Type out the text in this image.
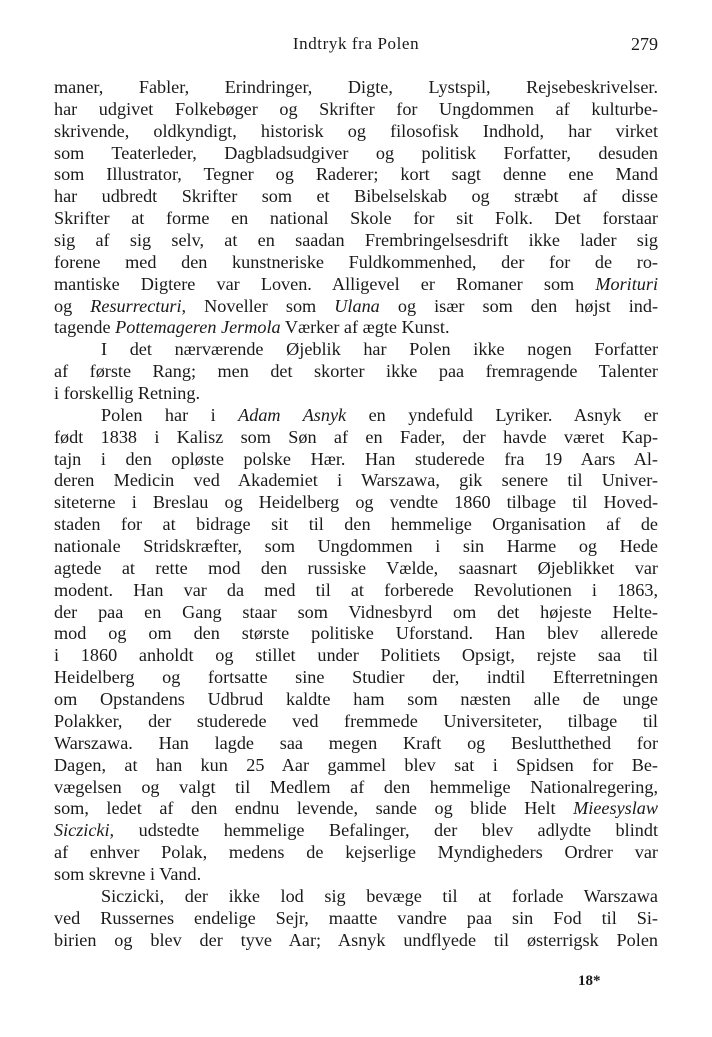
Indtryk fra Polen	279
maner, Fabler, Erindringer, Digte, Lystspil, Rejsebeskrivelser.
har udgivet Folkebøger og Skrifter for Ungdommen af kulturbe-
skrivende, oldkyndigt, historisk og filosofisk Indhold, har virket
som Teaterleder, Dagbladsudgiver og politisk Forfatter, desuden
som Illustrator, Tegner og Raderer; kort sagt denne ene Mand
har udbredt Skrifter som et Bibelselskab og stræbt af disse
Skrifter at forme en national Skole for sit Folk. Det forstaar
sig af sig selv, at en saadan Frembringelsesdrift ikke lader sig
forene med den kunstneriske Fuldkommenhed, der for de ro-
mantiske Digtere var Loven. Alligevel er Romaner som Morituri
og Resurrecturi, Noveller som Ulana og især som den højst ind-
tagende Pottemageren Jermola Værker af ægte Kunst.
I det nærværende Øjeblik har Polen ikke nogen Forfatter
af første Rang; men det skorter ikke paa fremragende Talenter
i forskellig Retning.
Polen har i Adam Asnyk en yndefuld Lyriker. Asnyk er
født 1838 i Kalisz som Søn af en Fader, der havde været Kap-
tajn i den opløste polske Hær. Han studerede fra 19 Aars Al-
deren Medicin ved Akademiet i Warszawa, gik senere til Univer-
siteterne i Breslau og Heidelberg og vendte 1860 tilbage til Hoved-
staden for at bidrage sit til den hemmelige Organisation af de
nationale Stridskræfter, som Ungdommen i sin Harme og Hede
agtede at rette mod den russiske Vælde, saasnart Øjeblikket var
modent. Han var da med til at forberede Revolutionen i 1863,
der paa en Gang staar som Vidnesbyrd om det højeste Helte-
mod og om den største politiske Uforstand. Han blev allerede
i 1860 anholdt og stillet under Politiets Opsigt, rejste saa til
Heidelberg og fortsatte sine Studier der, indtil Efterretningen
om Opstandens Udbrud kaldte ham som næsten alle de unge
Polakker, der studerede ved fremmede Universiteter, tilbage til
Warszawa. Han lagde saa megen Kraft og Beslutthethed for
Dagen, at han kun 25 Aar gammel blev sat i Spidsen for Be-
vægelsen og valgt til Medlem af den hemmelige Nationalregering,
som, ledet af den endnu levende, sande og blide Helt Mieesyslaw
Siczicki, udstedte hemmelige Befalinger, der blev adlydte blindt
af enhver Polak, medens de kejserlige Myndigheders Ordrer var
som skrevne i Vand.
Siczicki, der ikke lod sig bevæge til at forlade Warszawa
ved Russernes endelige Sejr, maatte vandre paa sin Fod til Si-
birien og blev der tyve Aar; Asnyk undflyede til østerrigsk Polen
18*
